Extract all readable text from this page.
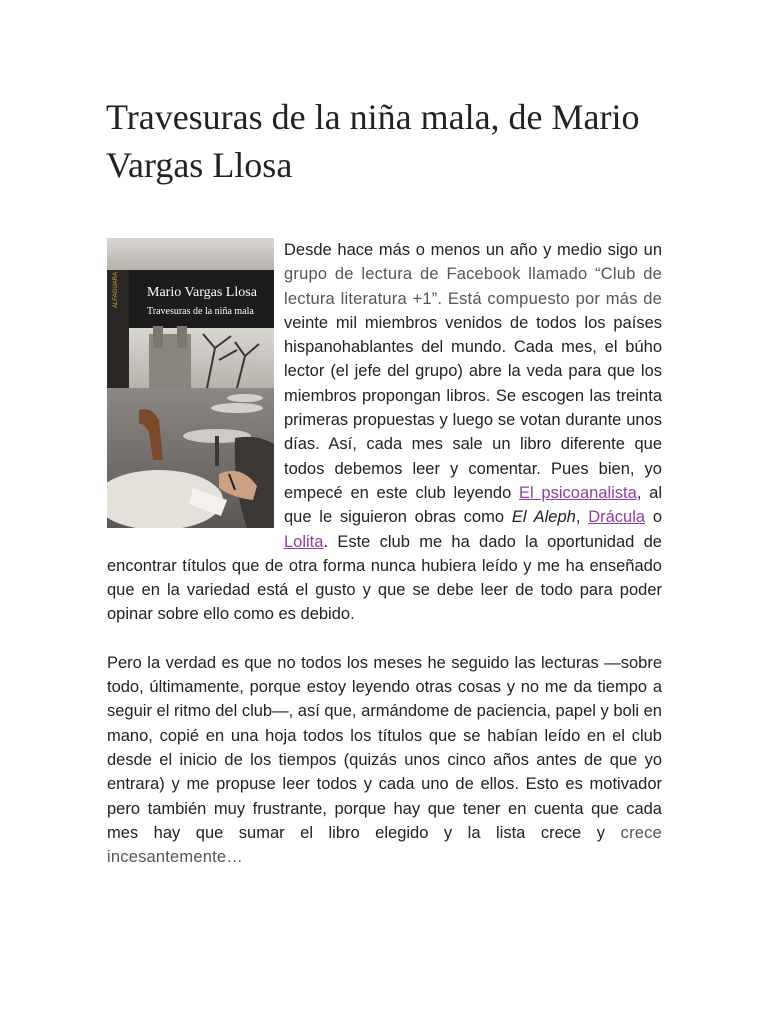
Travesuras de la niña mala, de Mario Vargas Llosa

ALFAGUARA Mario Vargas Llosa
Travesuras de la niña mala
Desde hace más o menos un año y medio sigo un grupo de lectura de Facebook llamado “Club de lectura literatura +1”. Está compuesto por más de veinte mil miembros venidos de todos los países hispanohablantes del mundo. Cada mes, el búho lector (el jefe del grupo) abre la veda para que los miembros propongan libros. Se escogen las treinta primeras propuestas y luego se votan durante unos días. Así, cada mes sale un libro diferente que todos debemos leer y comentar. Pues bien, yo empecé en este club leyendo El psicoanalista, al que le siguieron obras como El Aleph, Drácula o Lolita. Este club me ha dado la oportunidad de encontrar títulos que de otra forma nunca hubiera leído y me ha enseñado que en la variedad está el gusto y que se debe leer de todo para poder opinar sobre ello como es debido.

Pero la verdad es que no todos los meses he seguido las lecturas —sobre todo, últimamente, porque estoy leyendo otras cosas y no me da tiempo a seguir el ritmo del club—, así que, armándome de paciencia, papel y boli en mano, copié en una hoja todos los títulos que se habían leído en el club desde el inicio de los tiempos (quizás unos cinco años antes de que yo entrara) y me propuse leer todos y cada uno de ellos. Esto es motivador pero también muy frustrante, porque hay que tener en cuenta que cada mes hay que sumar el libro elegido y la lista crece y crece incesantemente…
